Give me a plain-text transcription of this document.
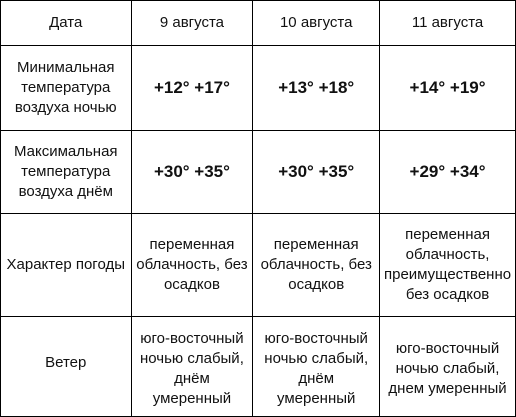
Дата	9 августа	10 августа	11 августа

Минимальная
температура
воздуха ночью	+12° +17°	+13° +18°	+14° +19°

Максимальная
температура
воздуха днём	+30° +35°	+30° +35°	+29° +34°
Характер погоды	переменная
облачность, без
осадков	переменная
облачность, без
осадков	переменная
облачность,
преимущественно
без осадков

Ветер	юго-восточный
ночью слабый,
днём
умеренный	юго-восточный
ночью слабый,
днём
умеренный	юго-восточный
ночью слабый,
днем умеренный
